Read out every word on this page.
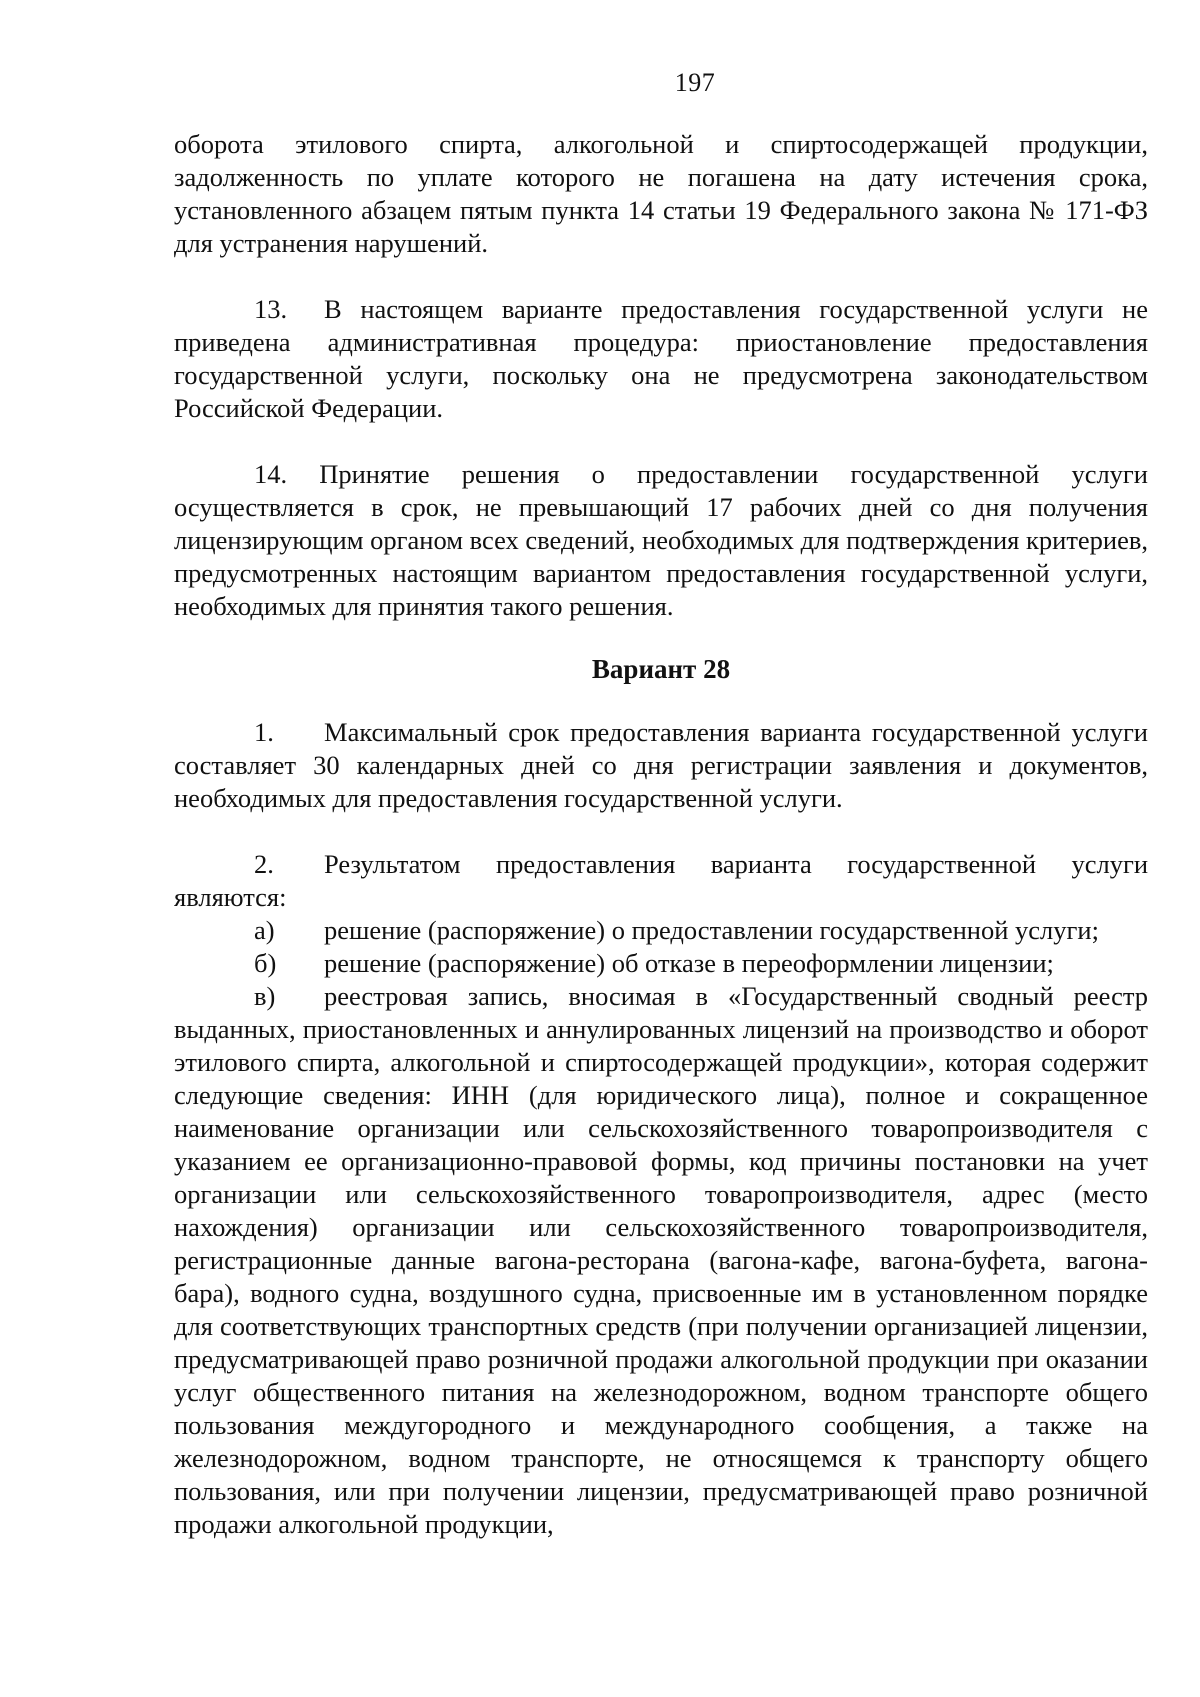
197

оборота этилового спирта, алкогольной и спиртосодержащей продукции, задолженность по уплате которого не погашена на дату истечения срока, установленного абзацем пятым пункта 14 статьи 19 Федерального закона № 171-ФЗ для устранения нарушений.

13. В настоящем варианте предоставления государственной услуги не приведена административная процедура: приостановление предоставления государственной услуги, поскольку она не предусмотрена законодательством Российской Федерации.

14. Принятие решения о предоставлении государственной услуги осуществляется в срок, не превышающий 17 рабочих дней со дня получения лицензирующим органом всех сведений, необходимых для подтверждения критериев, предусмотренных настоящим вариантом предоставления государственной услуги, необходимых для принятия такого решения.

Вариант 28

1. Максимальный срок предоставления варианта государственной услуги составляет 30 календарных дней со дня регистрации заявления и документов, необходимых для предоставления государственной услуги.

2. Результатом предоставления варианта государственной услуги являются:

а) решение (распоряжение) о предоставлении государственной услуги;

б) решение (распоряжение) об отказе в переоформлении лицензии;

в) реестровая запись, вносимая в «Государственный сводный реестр выданных, приостановленных и аннулированных лицензий на производство и оборот этилового спирта, алкогольной и спиртосодержащей продукции», которая содержит следующие сведения: ИНН (для юридического лица), полное и сокращенное наименование организации или сельскохозяйственного товаропроизводителя с указанием ее организационно-правовой формы, код причины постановки на учет организации или сельскохозяйственного товаропроизводителя, адрес (место нахождения) организации или сельскохозяйственного товаропроизводителя, регистрационные данные вагона-ресторана (вагона-кафе, вагона-буфета, вагона-бара), водного судна, воздушного судна, присвоенные им в установленном порядке для соответствующих транспортных средств (при получении организацией лицензии, предусматривающей право розничной продажи алкогольной продукции при оказании услуг общественного питания на железнодорожном, водном транспорте общего пользования междугородного и международного сообщения, а также на железнодорожном, водном транспорте, не относящемся к транспорту общего пользования, или при получении лицензии, предусматривающей право розничной продажи алкогольной продукции,
